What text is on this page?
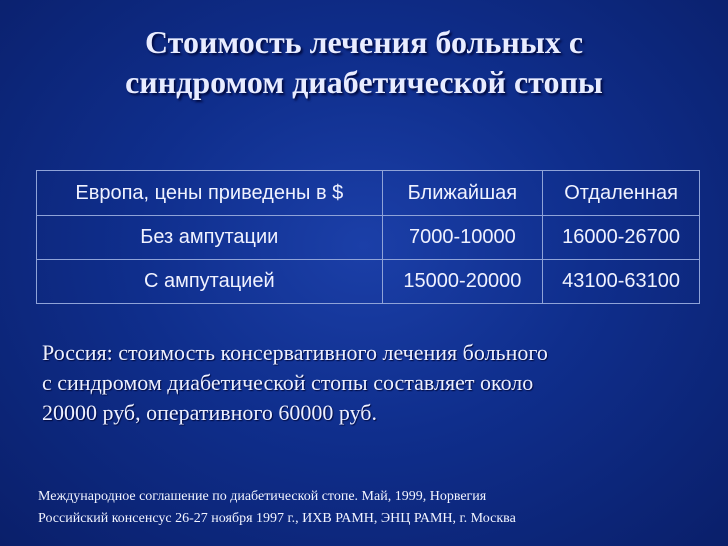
Стоимость лечения больных с
синдромом диабетической стопы
Европа, цены приведены в $	Ближайшая	Отдаленная
Без ампутации	7000-10000	16000-26700
С ампутацией	15000-20000	43100-63100
Россия: стоимость консервативного лечения больного
с синдромом диабетической стопы составляет около
20000 руб, оперативного 60000 руб.
Международное соглашение по диабетической стопе. Май, 1999, Норвегия
Российский консенсус 26-27 ноября 1997 г., ИХВ РАМН, ЭНЦ РАМН, г. Москва
